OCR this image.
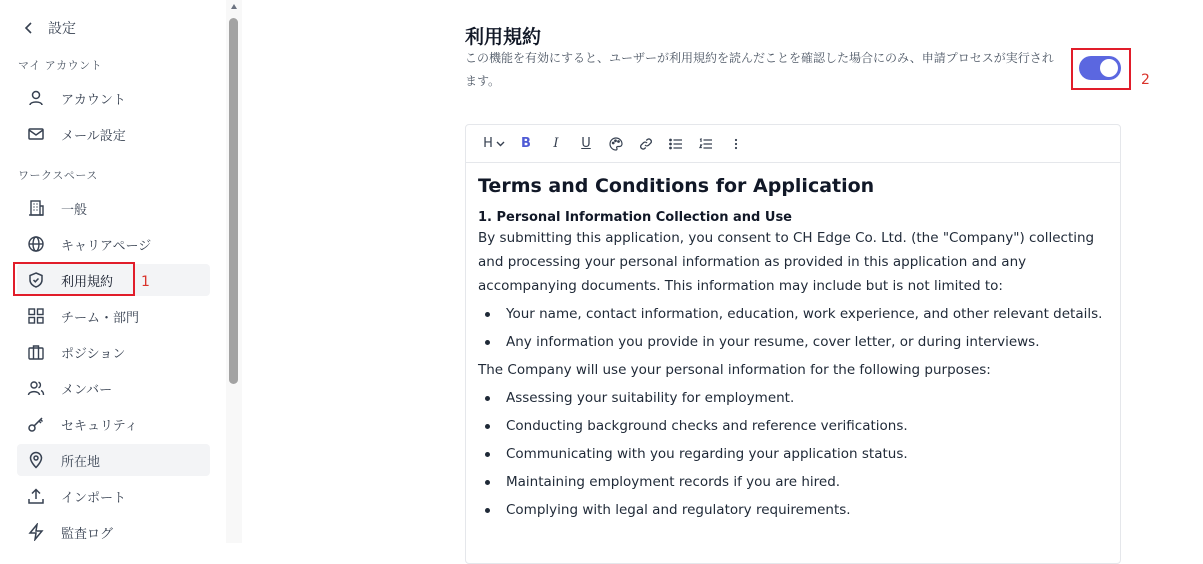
設定
マイ アカウント
アカウント
メール設定
ワークスペース
一般
キャリアページ
利用規約
チーム・部門
ポジション
メンバー
セキュリティ
所在地
インポート
監査ログ
1
2
利用規約
この機能を有効にすると、ユーザーが利用規約を読んだことを確認した場合にのみ、申請プロセスが実行されます。
H	B	I	U
Terms and Conditions for Application
1. Personal Information Collection and Use

By submitting this application, you consent to CH Edge Co. Ltd. (the "Company") collecting and processing your personal information as provided in this application and any accompanying documents. This information may include but is not limited to:

Your name, contact information, education, work experience, and other relevant details.
Any information you provide in your resume, cover letter, or during interviews.

The Company will use your personal information for the following purposes:

Assessing your suitability for employment.
Conducting background checks and reference verifications.
Communicating with you regarding your application status.
Maintaining employment records if you are hired.
Complying with legal and regulatory requirements.
